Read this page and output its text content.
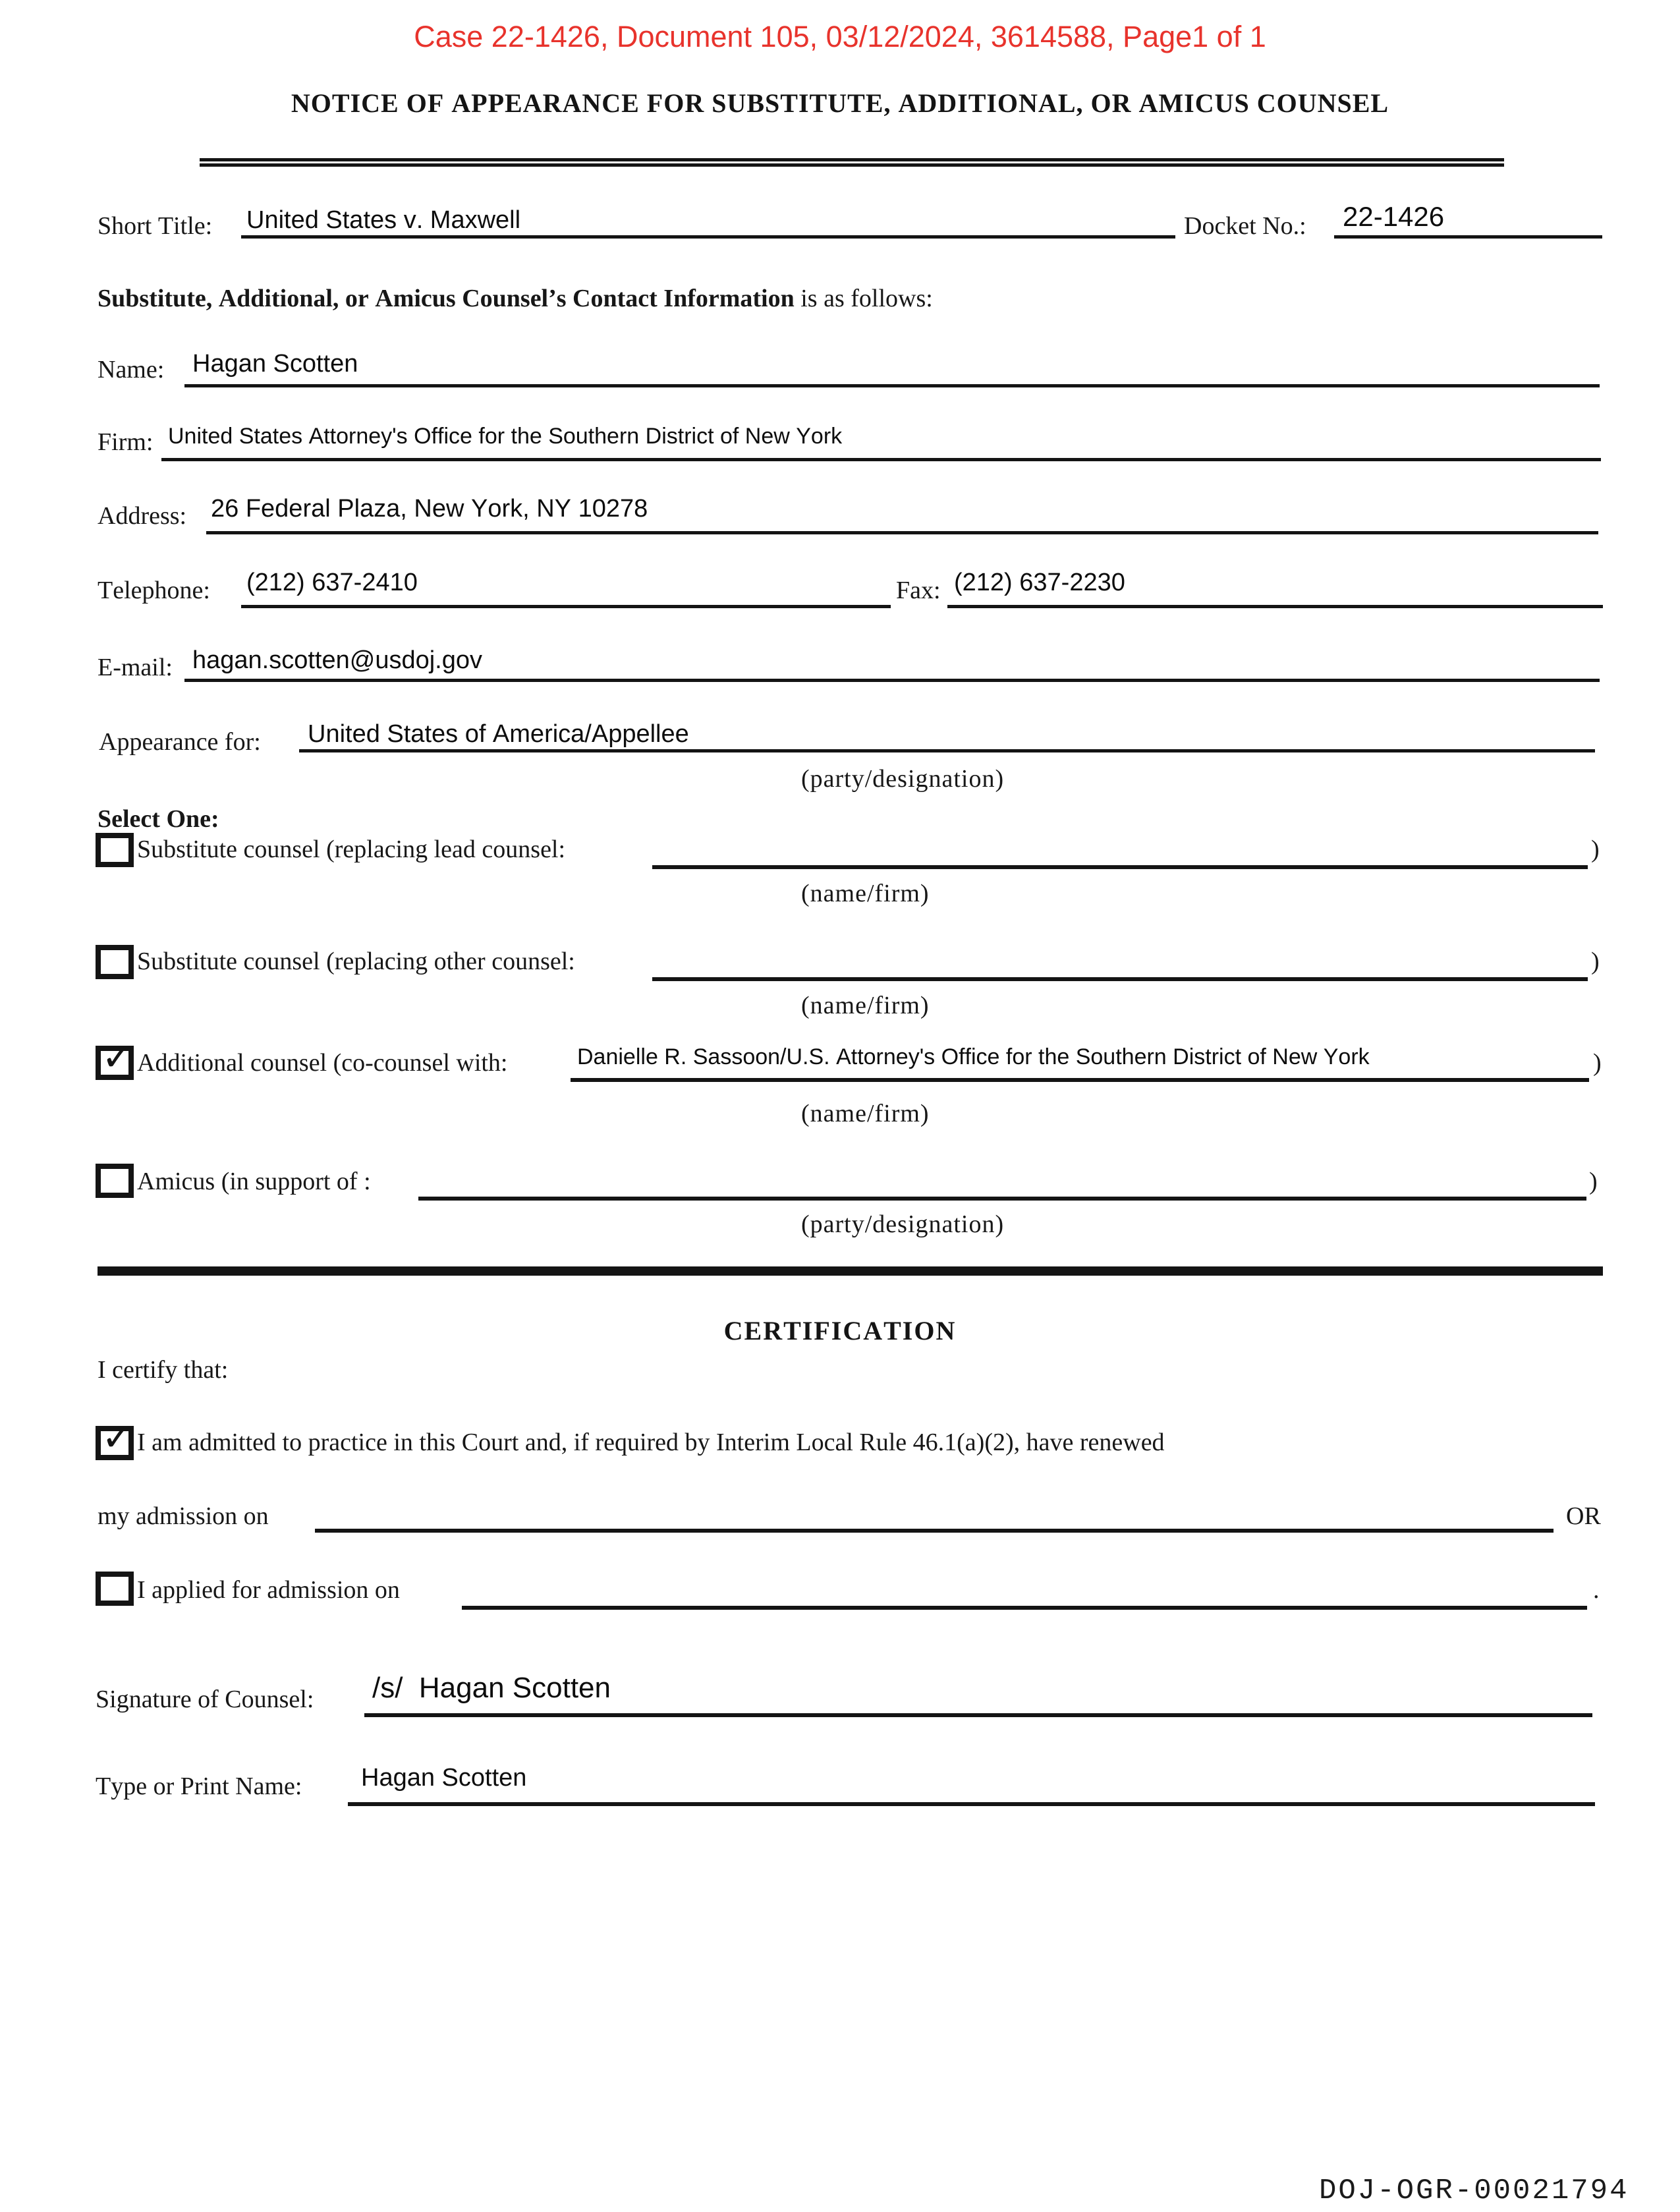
Case 22-1426, Document 105, 03/12/2024, 3614588, Page1 of 1
NOTICE OF APPEARANCE FOR SUBSTITUTE, ADDITIONAL, OR AMICUS COUNSEL
Short Title: United States v. Maxwell	Docket No.: 22-1426
Substitute, Additional, or Amicus Counsel’s Contact Information is as follows:
Name: Hagan Scotten
Firm: United States Attorney's Office for the Southern District of New York
Address: 26 Federal Plaza, New York, NY 10278
Telephone: (212) 637-2410	Fax: (212) 637-2230
E-mail: hagan.scotten@usdoj.gov
Appearance for: United States of America/Appellee
(party/designation)
Select One:
Substitute counsel (replacing lead counsel:	)
(name/firm)
Substitute counsel (replacing other counsel:	)
(name/firm)
✓ Additional counsel (co-counsel with:	Danielle R. Sassoon/U.S. Attorney's Office for the Southern District of New York	)
(name/firm)
Amicus (in support of :	)
(party/designation)
CERTIFICATION
I certify that:
✓ I am admitted to practice in this Court and, if required by Interim Local Rule 46.1(a)(2), have renewed
my admission on	OR
I applied for admission on	.
Signature of Counsel: /s/  Hagan Scotten
Type or Print Name: Hagan Scotten
DOJ-OGR-00021794
